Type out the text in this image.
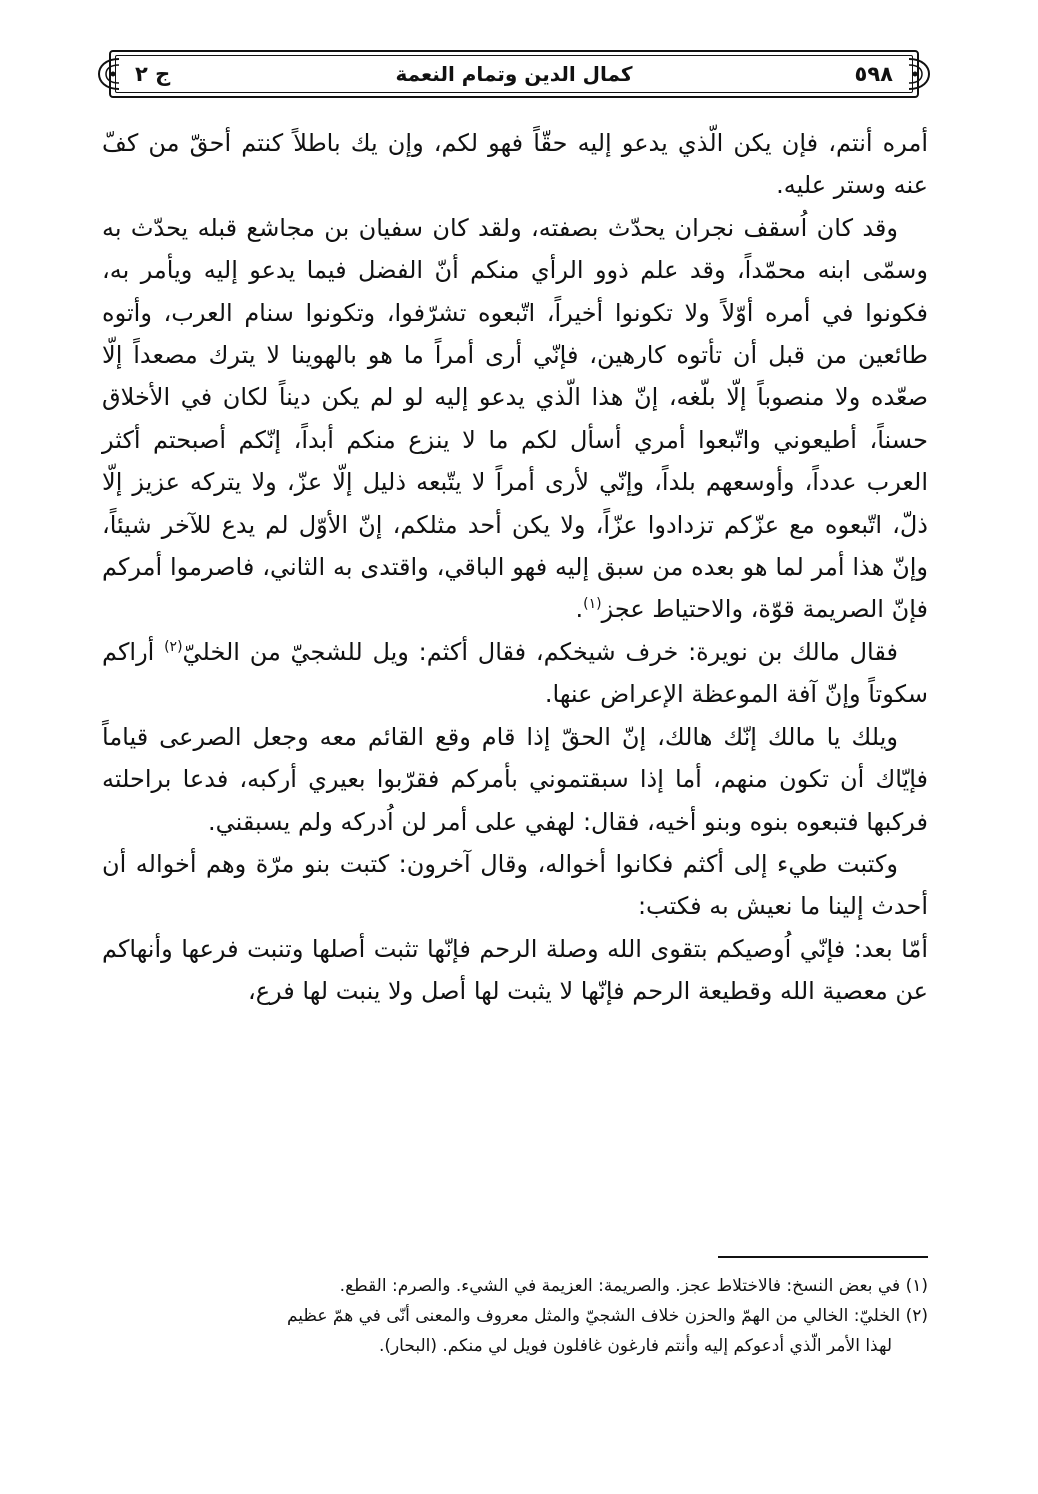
٥٩٨
كمال الدين وتمام النعمة
ج ٢

أمره أنتم، فإن يكن الّذي يدعو إليه حقّاً فهو لكم، وإن يك باطلاً كنتم أحقّ من كفّ عنه وستر عليه.

وقد كان اُسقف نجران يحدّث بصفته، ولقد كان سفيان بن مجاشع قبله يحدّث به وسمّى ابنه محمّداً، وقد علم ذوو الرأي منكم أنّ الفضل فيما يدعو إليه ويأمر به، فكونوا في أمره أوّلاً ولا تكونوا أخيراً، اتّبعوه تشرّفوا، وتكونوا سنام العرب، وأتوه طائعين من قبل أن تأتوه كارهين، فإنّي أرى أمراً ما هو بالهوينا لا يترك مصعداً إلّا صعّده ولا منصوباً إلّا بلّغه، إنّ هذا الّذي يدعو إليه لو لم يكن ديناً لكان في الأخلاق حسناً، أطيعوني واتّبعوا أمري أسأل لكم ما لا ينزع منكم أبداً، إنّكم أصبحتم أكثر العرب عدداً، وأوسعهم بلداً، وإنّي لأرى أمراً لا يتّبعه ذليل إلّا عزّ، ولا يتركه عزيز إلّا ذلّ، اتّبعوه مع عزّكم تزدادوا عزّاً، ولا يكن أحد مثلكم، إنّ الأوّل لم يدع للآخر شيئاً، وإنّ هذا أمر لما هو بعده من سبق إليه فهو الباقي، واقتدى به الثاني، فاصرموا أمركم فإنّ الصريمة قوّة، والاحتياط عجز$^{(١)}$.

فقال مالك بن نويرة: خرف شيخكم، فقال أكثم: ويل للشجيّ من الخليّ$^{(٢)}$ أراكم سكوتاً وإنّ آفة الموعظة الإعراض عنها.

ويلك يا مالك إنّك هالك، إنّ الحقّ إذا قام وقع القائم معه وجعل الصرعى قياماً فإيّاك أن تكون منهم، أما إذا سبقتموني بأمركم فقرّبوا بعيري أركبه، فدعا براحلته فركبها فتبعوه بنوه وبنو أخيه، فقال: لهفي على أمر لن اُدركه ولم يسبقني.

وكتبت طيء إلى أكثم فكانوا أخواله، وقال آخرون: كتبت بنو مرّة وهم أخواله أن أحدث إلينا ما نعيش به فكتب:

أمّا بعد: فإنّي اُوصيكم بتقوى الله وصلة الرحم فإنّها تثبت أصلها وتنبت فرعها وأنهاكم عن معصية الله وقطيعة الرحم فإنّها لا يثبت لها أصل ولا ينبت لها فرع،

(١) في بعض النسخ: فالاختلاط عجز. والصريمة: العزيمة في الشيء. والصرم: القطع.

(٢) الخليّ: الخالي من الهمّ والحزن خلاف الشجيّ والمثل معروف والمعنى أنّى في همّ عظيم

لهذا الأمر الّذي أدعوكم إليه وأنتم فارغون غافلون فويل لي منكم. (البحار).
